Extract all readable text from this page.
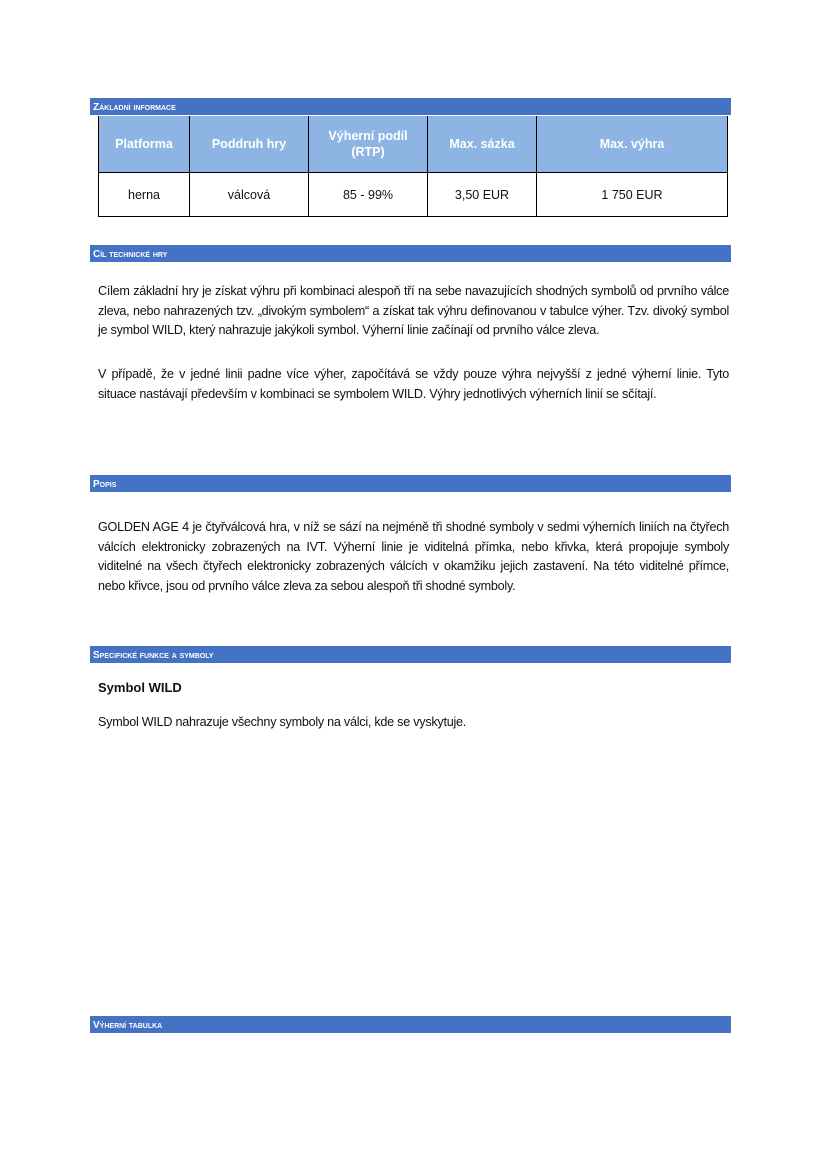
Základní informace
Platforma	Poddruh hry	Výherní podíl (RTP)	Max. sázka	Max. výhra
herna	válcová	85 - 99%	3,50 EUR	1 750 EUR
Cíl technické hry

Cílem základní hry je získat výhru při kombinaci alespoň tří na sebe navazujících shodných symbolů od prvního válce zleva, nebo nahrazených tzv. „divokým symbolem“ a získat tak výhru definovanou v tabulce výher. Tzv. divoký symbol je symbol WILD, který nahrazuje jakýkoli symbol. Výherní linie začínají od prvního válce zleva.

V případě, že v jedné linii padne více výher, započítává se vždy pouze výhra nejvyšší z jedné výherní linie. Tyto situace nastávají především v kombinaci se symbolem WILD. Výhry jednotlivých výherních linií se sčítají.

Popis

GOLDEN AGE 4 je čtyřválcová hra, v níž se sází na nejméně tři shodné symboly v sedmi výherních liniích na čtyřech válcích elektronicky zobrazených na IVT. Výherní linie je viditelná přímka, nebo křivka, která propojuje symboly viditelné na všech čtyřech elektronicky zobrazených válcích v okamžiku jejich zastavení. Na této viditelné přímce, nebo křivce, jsou od prvního válce zleva za sebou alespoň tři shodné symboly.

Specifické funkce a symboly
Symbol WILD

Symbol WILD nahrazuje všechny symboly na válci, kde se vyskytuje.

Výherní tabulka
